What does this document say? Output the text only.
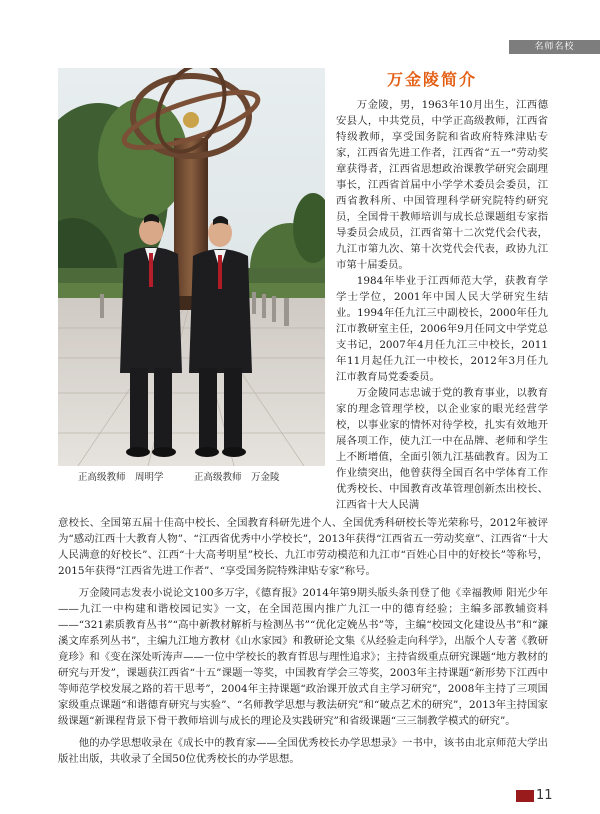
名师名校
正高级教师　周明学	正高级教师　万金陵
万金陵简介

万金陵，男，1963年10月出生，江西德安县人，中共党员，中学正高级教师，江西省特级教师，享受国务院和省政府特殊津贴专家，江西省先进工作者，江西省“五一”劳动奖章获得者，江西省思想政治课教学研究会副理事长，江西省首届中小学学术委员会委员，江西省教科所、中国管理科学研究院特约研究员，全国骨干教师培训与成长总课题组专家指导委员会成员，江西省第十二次党代会代表，九江市第九次、第十次党代会代表，政协九江市第十届委员。

1984年毕业于江西师范大学，获教育学学士学位，2001年中国人民大学研究生结业。1994年任九江三中副校长，2000年任九江市教研室主任，2006年9月任同文中学党总支书记，2007年4月任九江三中校长，2011年11月起任九江一中校长，2012年3月任九江市教育局党委委员。

万金陵同志忠诚于党的教育事业，以教育家的理念管理学校，以企业家的眼光经营学校，以事业家的情怀对待学校，扎实有效地开展各项工作，使九江一中在品牌、老师和学生上不断增值，全面引领九江基础教育。因为工作业绩突出，他曾获得全国百名中学体育工作优秀校长、中国教育改革管理创新杰出校长、江西省十大人民满

意校长、全国第五届十佳高中校长、全国教育科研先进个人、全国优秀科研校长等光荣称号，2012年被评为“感动江西十大教育人物”、“江西省优秀中小学校长”，2013年获得“江西省五一劳动奖章”、江西省“十大人民满意的好校长”、江西“十大高考明星”校长、九江市劳动模范和九江市“百姓心目中的好校长”等称号，2015年获得“江西省先进工作者”、“享受国务院特殊津贴专家”称号。

万金陵同志发表小说论文100多万字，《德育报》2014年第9期头版头条刊登了他《幸福教师 阳光少年——九江一中构建和谐校园记实》一文，在全国范围内推广九江一中的德育经验；主编多部教辅资料——“321素质教育丛书”“高中新教材解析与检测丛书”“优化定娩丛书”等，主编“校园文化建设丛书”和“濂溪文库系列丛书”，主编九江地方教材《山水家园》和教研论文集《从经验走向科学》，出版个人专著《教研竟珍》和《变在深处听涛声——一位中学校长的教育哲思与理性追求》；主持省级重点研究课题“地方教材的研究与开发”，课题获江西省“十五”课题一等奖，中国教育学会三等奖，2003年主持课题“新形势下江西中等师范学校发展之路的若干思考”，2004年主持课题“政治课开放式自主学习研究”，2008年主持了三项国家级重点课题“和谐德育研究与实验”、“名师教学思想与教法研究”和“破点艺术的研究”，2013年主持国家级课题“新课程背景下骨干教师培训与成长的理论及实践研究”和省级课题“三三制教学模式的研究”。

他的办学思想收录在《成长中的教育家——全国优秀校长办学思想录》一书中，该书由北京师范大学出版社出版，共收录了全国50位优秀校长的办学思想。

11
